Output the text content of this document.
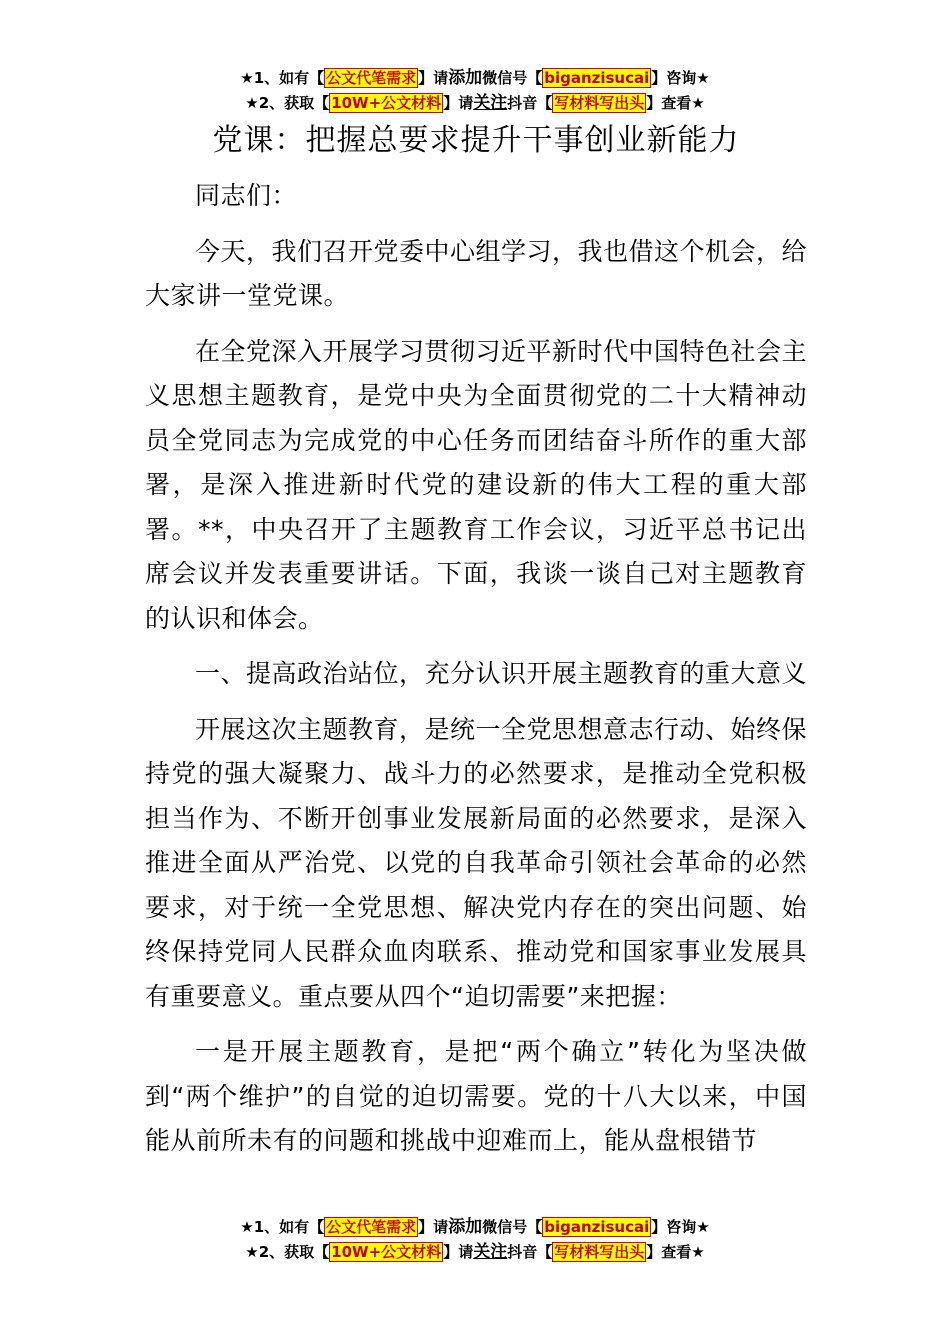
★1、如有【 公文代笔需求 】请添加微信号【 biganzisucai 】咨询★
★2、获取【 10W+公文材料 】请关注抖音【 写材料写出头 】查看★
党课：把握总要求提升干事创业新能力

同志们：

今天，我们召开党委中心组学习，我也借这个机会，给大家讲一堂党课。

在全党深入开展学习贯彻习近平新时代中国特色社会主义思想主题教育，是党中央为全面贯彻党的二十大精神动员全党同志为完成党的中心任务而团结奋斗所作的重大部署，是深入推进新时代党的建设新的伟大工程的重大部署。**，中央召开了主题教育工作会议，习近平总书记出席会议并发表重要讲话。下面，我谈一谈自己对主题教育的认识和体会。

一、提高政治站位，充分认识开展主题教育的重大意义

开展这次主题教育，是统一全党思想意志行动、始终保持党的强大凝聚力、战斗力的必然要求，是推动全党积极担当作为、不断开创事业发展新局面的必然要求，是深入推进全面从严治党、以党的自我革命引领社会革命的必然要求，对于统一全党思想、解决党内存在的突出问题、始终保持党同人民群众血肉联系、推动党和国家事业发展具有重要意义。重点要从四个“迫切需要”来把握：

一是开展主题教育，是把“两个确立”转化为坚决做到“两个维护”的自觉的迫切需要。党的十八大以来，中国能从前所未有的问题和挑战中迎难而上，能从盘根错节

★1、如有【 公文代笔需求 】请添加微信号【 biganzisucai 】咨询★
★2、获取【 10W+公文材料 】请关注抖音【 写材料写出头 】查看★
